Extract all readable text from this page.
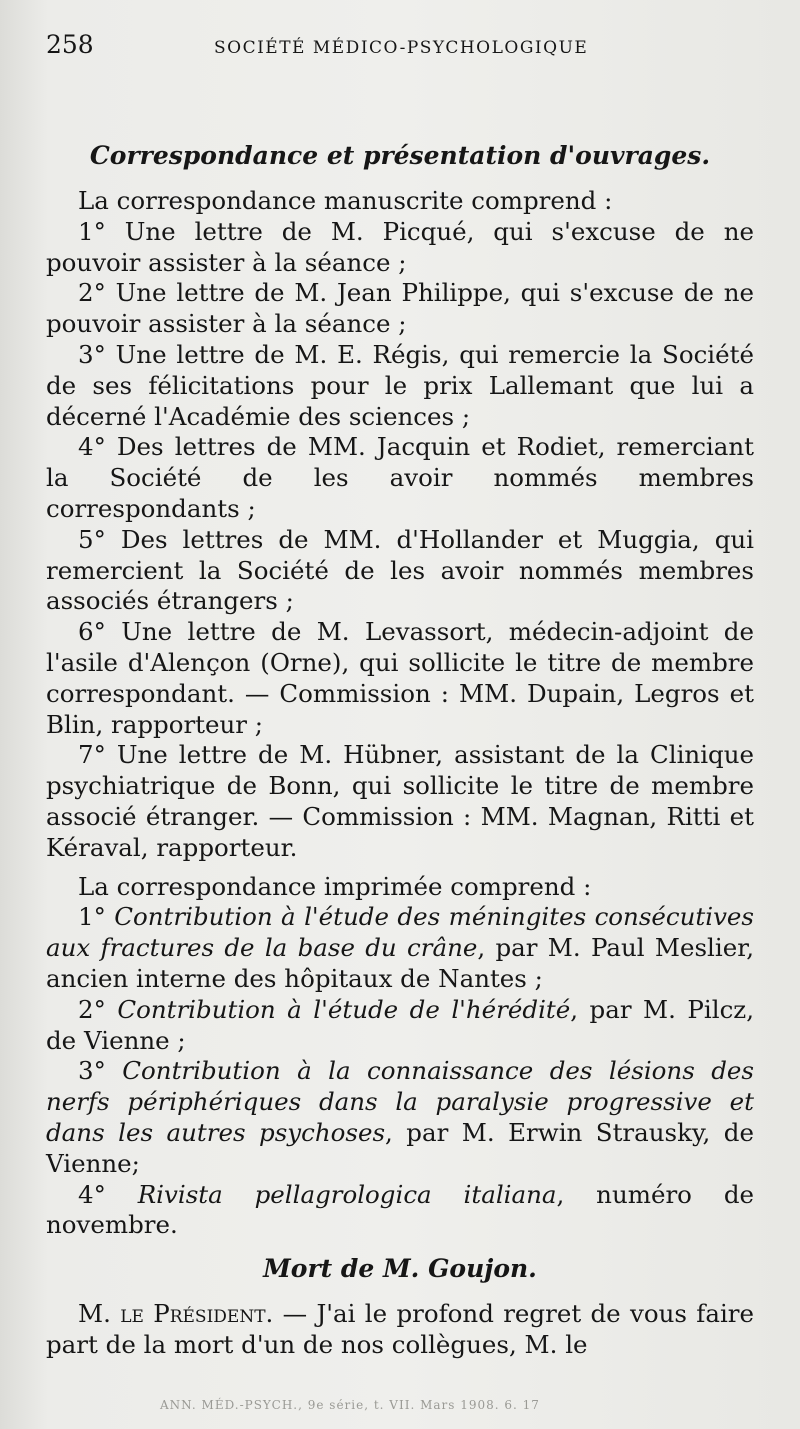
258	SOCIÉTÉ MÉDICO-PSYCHOLOGIQUE
Correspondance et présentation d'ouvrages.

La correspondance manuscrite comprend :

1° Une lettre de M. Picqué, qui s'excuse de ne pouvoir assister à la séance ;

2° Une lettre de M. Jean Philippe, qui s'excuse de ne pouvoir assister à la séance ;

3° Une lettre de M. E. Régis, qui remercie la Société de ses félicitations pour le prix Lallemant que lui a décerné l'Académie des sciences ;

4° Des lettres de MM. Jacquin et Rodiet, remerciant la Société de les avoir nommés membres correspondants ;

5° Des lettres de MM. d'Hollander et Muggia, qui remercient la Société de les avoir nommés membres associés étrangers ;

6° Une lettre de M. Levassort, médecin-adjoint de l'asile d'Alençon (Orne), qui sollicite le titre de membre correspondant. — Commission : MM. Dupain, Legros et Blin, rapporteur ;

7° Une lettre de M. Hübner, assistant de la Clinique psychiatrique de Bonn, qui sollicite le titre de membre associé étranger. — Commission : MM. Magnan, Ritti et Kéraval, rapporteur.

La correspondance imprimée comprend :

1° Contribution à l'étude des méningites consécutives aux fractures de la base du crâne, par M. Paul Meslier, ancien interne des hôpitaux de Nantes ;

2° Contribution à l'étude de l'hérédité, par M. Pilcz, de Vienne ;

3° Contribution à la connaissance des lésions des nerfs périphériques dans la paralysie progressive et dans les autres psychoses, par M. Erwin Strausky, de Vienne;

4° Rivista pellagrologica italiana, numéro de novembre.

Mort de M. Goujon.

M. le Président. — J'ai le profond regret de vous faire part de la mort d'un de nos collègues, M. le

ANN. MÉD.-PSYCH., 9e série, t. VII. Mars 1908. 6. 17
